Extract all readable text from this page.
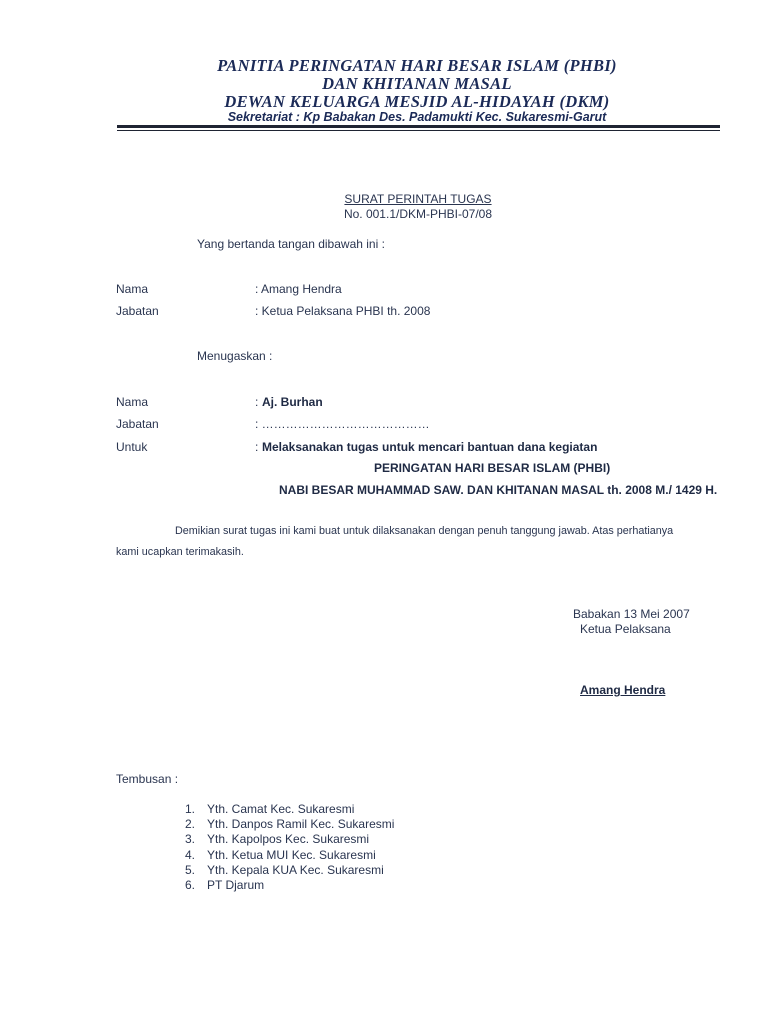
PANITIA PERINGATAN HARI BESAR ISLAM (PHBI)
DAN KHITANAN MASAL
DEWAN KELUARGA MESJID AL-HIDAYAH (DKM)
Sekretariat : Kp Babakan Des. Padamukti Kec. Sukaresmi-Garut
SURAT PERINTAH TUGAS
No. 001.1/DKM-PHBI-07/08
Yang bertanda tangan dibawah ini :
Nama	: Amang Hendra
Jabatan	: Ketua Pelaksana PHBI th. 2008
Menugaskan :
Nama	: Aj. Burhan
Jabatan	: ……………………………………
Untuk	: Melaksanakan tugas untuk mencari bantuan dana kegiatan
PERINGATAN HARI BESAR ISLAM (PHBI)
NABI BESAR MUHAMMAD SAW. DAN KHITANAN MASAL th. 2008 M./ 1429 H.
Demikian surat tugas ini kami buat untuk dilaksanakan dengan penuh tanggung jawab. Atas perhatianya
kami ucapkan terimakasih.
Babakan 13 Mei 2007
Ketua Pelaksana
Amang Hendra
Tembusan :
1. Yth. Camat Kec. Sukaresmi
2. Yth. Danpos Ramil Kec. Sukaresmi
3. Yth. Kapolpos Kec. Sukaresmi
4. Yth. Ketua MUI Kec. Sukaresmi
5. Yth. Kepala KUA Kec. Sukaresmi
6. PT Djarum
